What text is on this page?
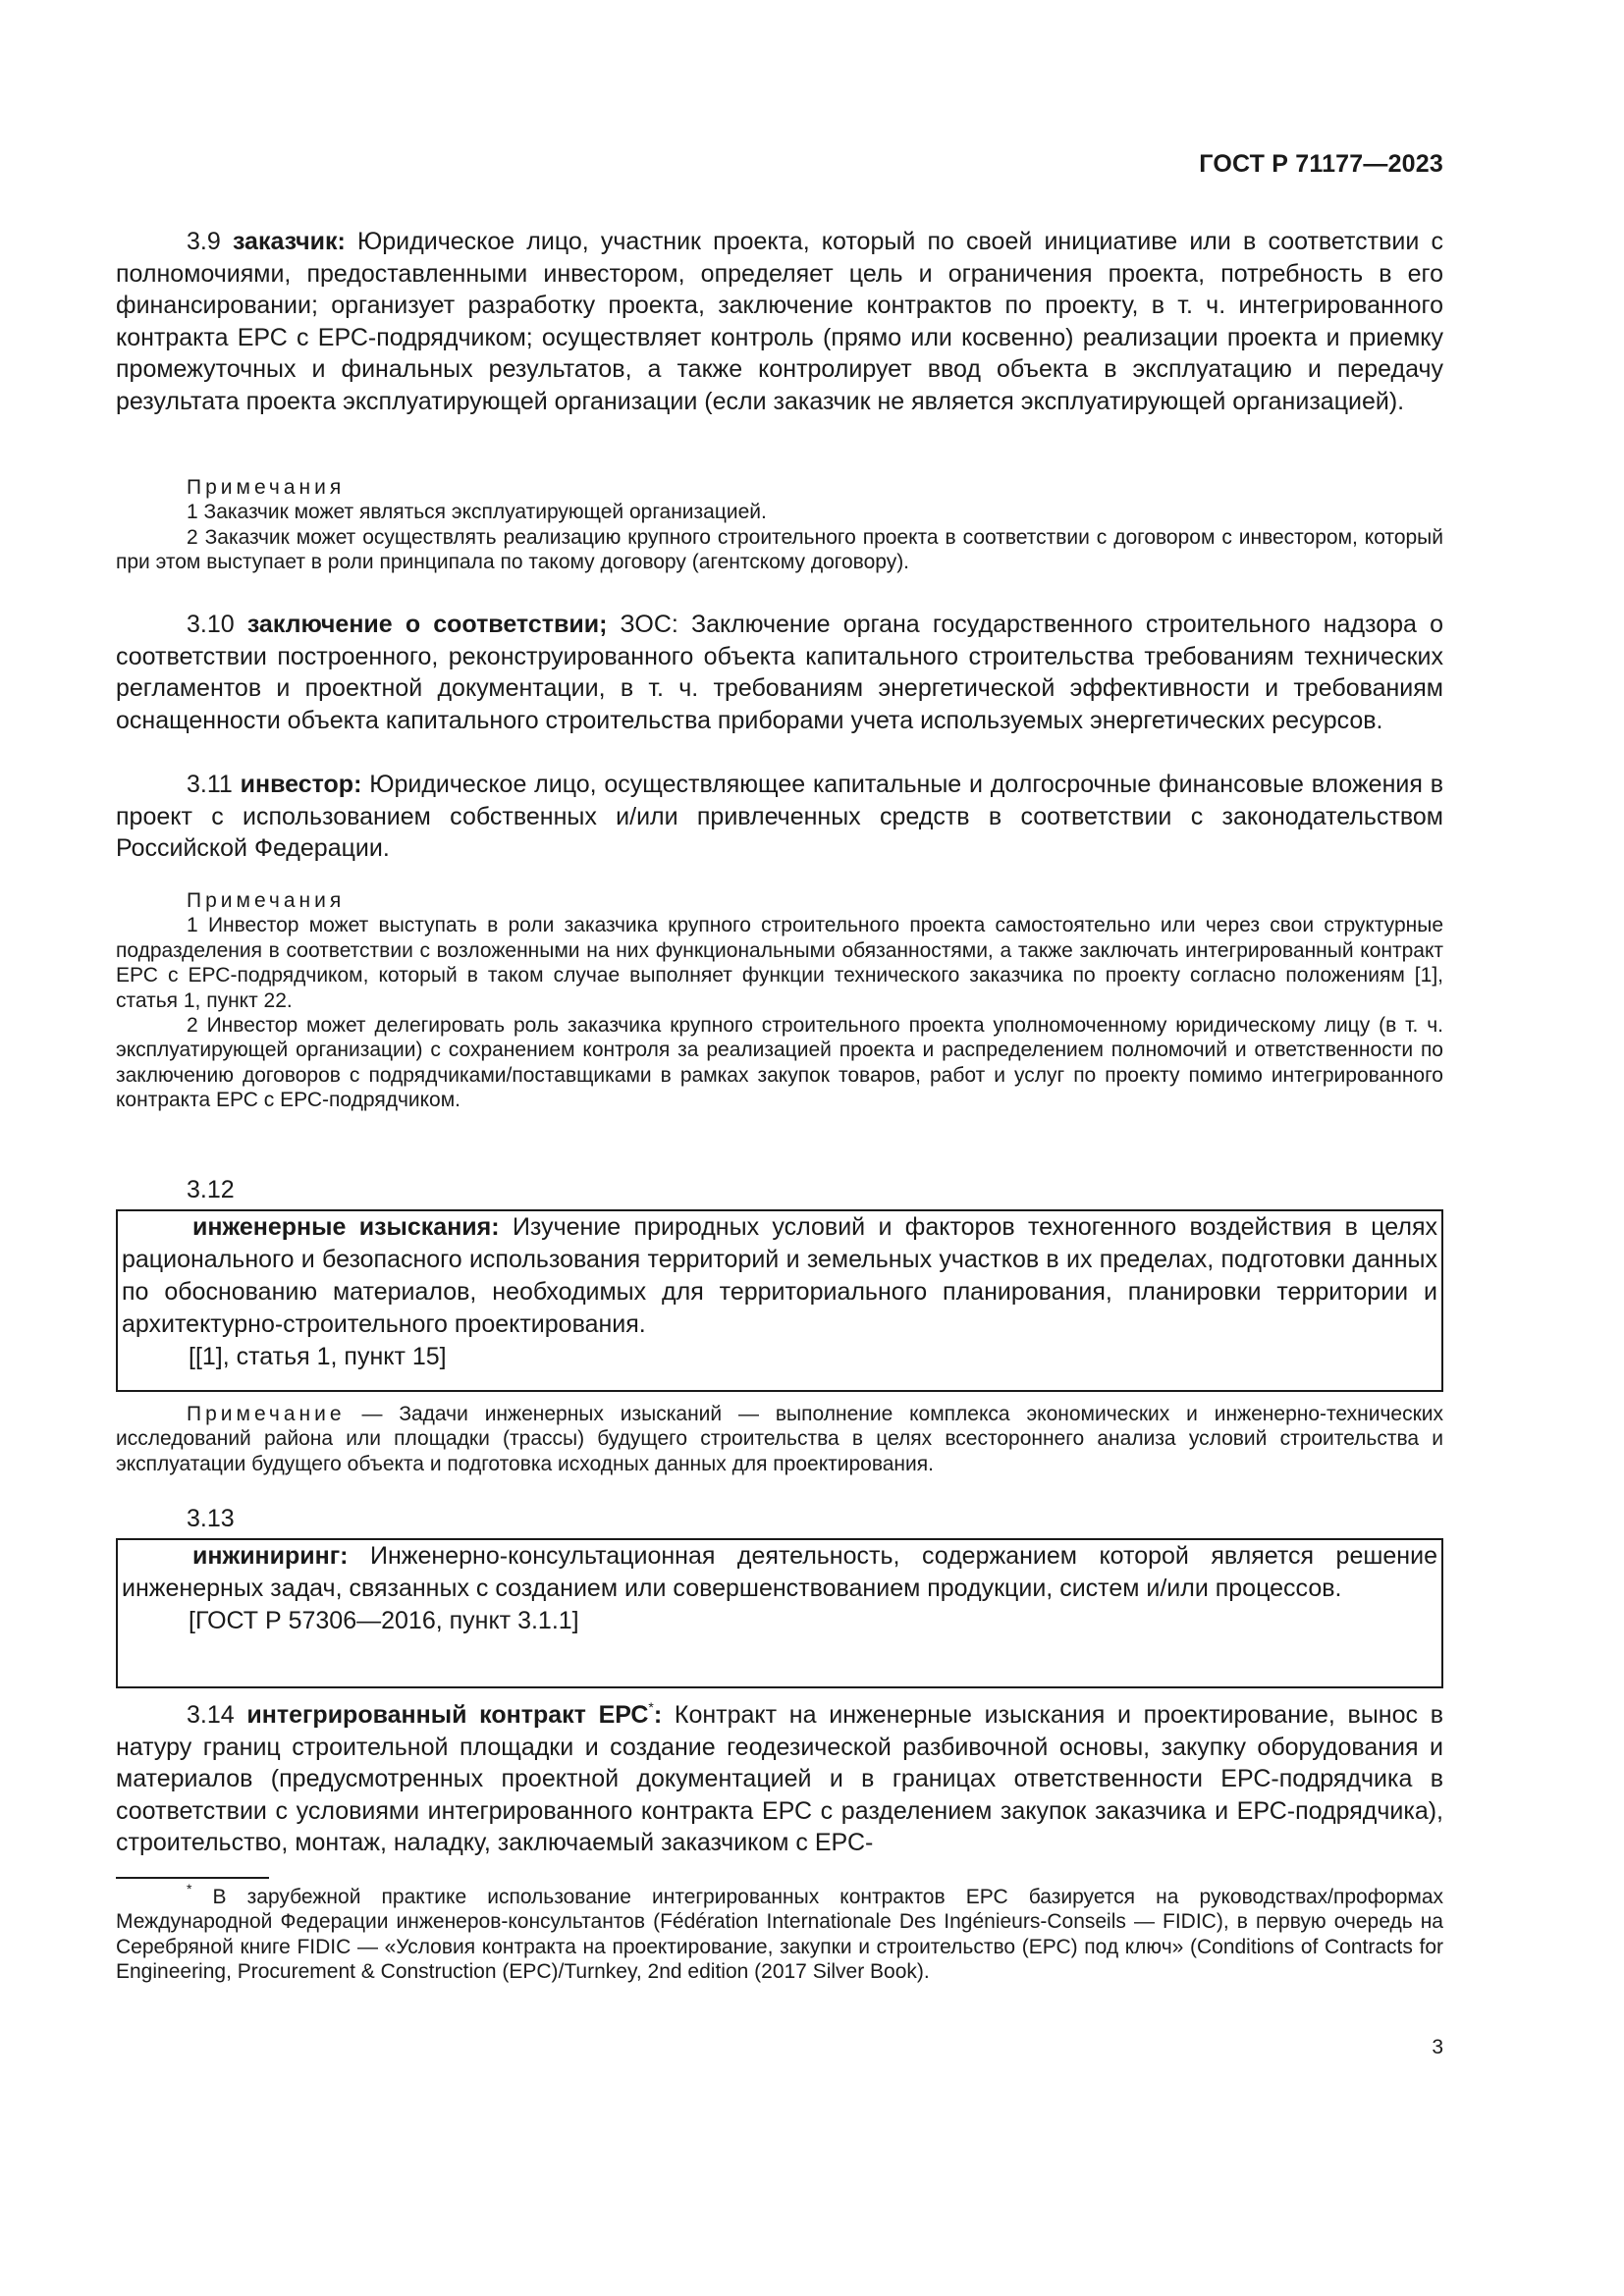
ГОСТ Р 71177—2023

3.9 заказчик: Юридическое лицо, участник проекта, который по своей инициативе или в соответствии с полномочиями, предоставленными инвестором, определяет цель и ограничения проекта, потребность в его финансировании; организует разработку проекта, заключение контрактов по проекту, в т. ч. интегрированного контракта ЕРС с ЕРС-подрядчиком; осуществляет контроль (прямо или косвенно) реализации проекта и приемку промежуточных и финальных результатов, а также контролирует ввод объекта в эксплуатацию и передачу результата проекта эксплуатирующей организации (если заказчик не является эксплуатирующей организацией).

Примечания

1 Заказчик может являться эксплуатирующей организацией.

2 Заказчик может осуществлять реализацию крупного строительного проекта в соответствии с договором с инвестором, который при этом выступает в роли принципала по такому договору (агентскому договору).

3.10 заключение о соответствии; ЗОС: Заключение органа государственного строительного надзора о соответствии построенного, реконструированного объекта капитального строительства требованиям технических регламентов и проектной документации, в т. ч. требованиям энергетической эффективности и требованиям оснащенности объекта капитального строительства приборами учета используемых энергетических ресурсов.

3.11 инвестор: Юридическое лицо, осуществляющее капитальные и долгосрочные финансовые вложения в проект с использованием собственных и/или привлеченных средств в соответствии с законодательством Российской Федерации.

Примечания

1 Инвестор может выступать в роли заказчика крупного строительного проекта самостоятельно или через свои структурные подразделения в соответствии с возложенными на них функциональными обязанностями, а также заключать интегрированный контракт ЕРС с ЕРС-подрядчиком, который в таком случае выполняет функции технического заказчика по проекту согласно положениям [1], статья 1, пункт 22.

2 Инвестор может делегировать роль заказчика крупного строительного проекта уполномоченному юридическому лицу (в т. ч. эксплуатирующей организации) с сохранением контроля за реализацией проекта и распределением полномочий и ответственности по заключению договоров с подрядчиками/поставщиками в рамках закупок товаров, работ и услуг по проекту помимо интегрированного контракта ЕРС с ЕРС-подрядчиком.

3.12

инженерные изыскания: Изучение природных условий и факторов техногенного воздействия в целях рационального и безопасного использования территорий и земельных участков в их пределах, подготовки данных по обоснованию материалов, необходимых для территориального планирования, планировки территории и архитектурно-строительного проектирования.

[[1], статья 1, пункт 15]

Примечание — Задачи инженерных изысканий — выполнение комплекса экономических и инженерно-технических исследований района или площадки (трассы) будущего строительства в целях всестороннего анализа условий строительства и эксплуатации будущего объекта и подготовка исходных данных для проектирования.

3.13

инжиниринг: Инженерно-консультационная деятельность, содержанием которой является решение инженерных задач, связанных с созданием или совершенствованием продукции, систем и/или процессов.

[ГОСТ Р 57306—2016, пункт 3.1.1]

3.14 интегрированный контракт ЕРС*: Контракт на инженерные изыскания и проектирование, вынос в натуру границ строительной площадки и создание геодезической разбивочной основы, закупку оборудования и материалов (предусмотренных проектной документацией и в границах ответственности ЕРС-подрядчика в соответствии с условиями интегрированного контракта ЕРС с разделением закупок заказчика и ЕРС-подрядчика), строительство, монтаж, наладку, заключаемый заказчиком с ЕРС-

* В зарубежной практике использование интегрированных контрактов ЕРС базируется на руководствах/проформах Международной Федерации инженеров-консультантов (Fédération Internationale Des Ingénieurs-Conseils — FIDIC), в первую очередь на Серебряной книге FIDIC — «Условия контракта на проектирование, закупки и строительство (ЕРС) под ключ» (Conditions of Contracts for Engineering, Procurement & Construction (EPC)/Turnkey, 2nd edition (2017 Silver Book).

3
